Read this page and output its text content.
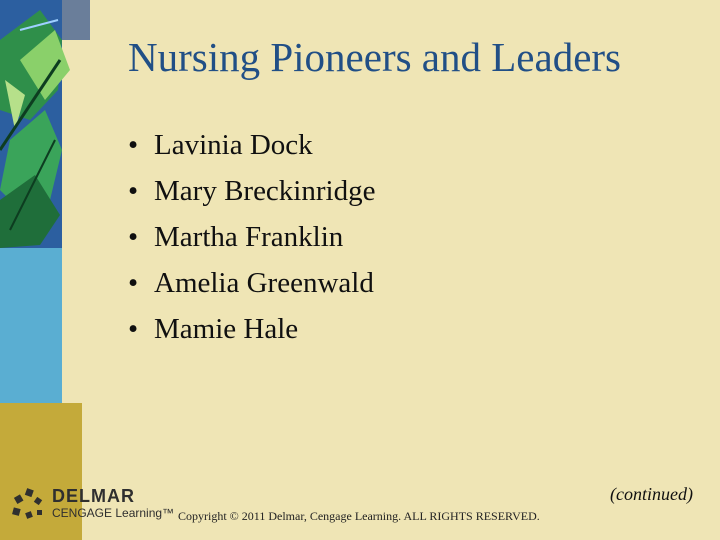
Nursing Pioneers and Leaders
• Lavinia Dock
• Mary Breckinridge
• Martha Franklin
• Amelia Greenwald
• Mamie Hale
DELMAR
CENGAGE Learning™ Copyright © 2011 Delmar, Cengage Learning. ALL RIGHTS RESERVED.
(continued)
